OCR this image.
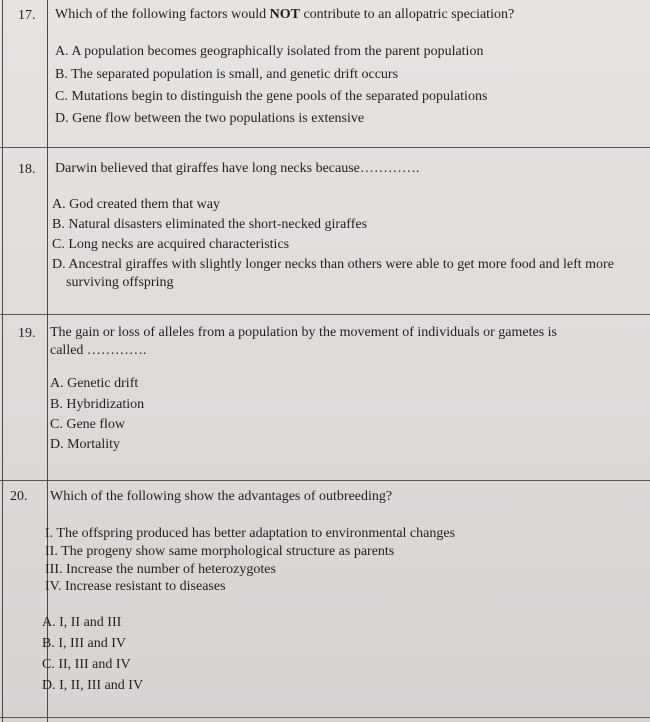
17. Which of the following factors would NOT contribute to an allopatric speciation?
A. A population becomes geographically isolated from the parent population
B. The separated population is small, and genetic drift occurs
C. Mutations begin to distinguish the gene pools of the separated populations
D. Gene flow between the two populations is extensive
18. Darwin believed that giraffes have long necks because………….
A. God created them that way
B. Natural disasters eliminated the short-necked giraffes
C. Long necks are acquired characteristics
D. Ancestral giraffes with slightly longer necks than others were able to get more food and left more surviving offspring
19. The gain or loss of alleles from a population by the movement of individuals or gametes is called ………….
A. Genetic drift
B. Hybridization
C. Gene flow
D. Mortality
20. Which of the following show the advantages of outbreeding?
I. The offspring produced has better adaptation to environmental changes
II. The progeny show same morphological structure as parents
III. Increase the number of heterozygotes
IV. Increase resistant to diseases
A. I, II and III
B. I, III and IV
C. II, III and IV
D. I, II, III and IV
